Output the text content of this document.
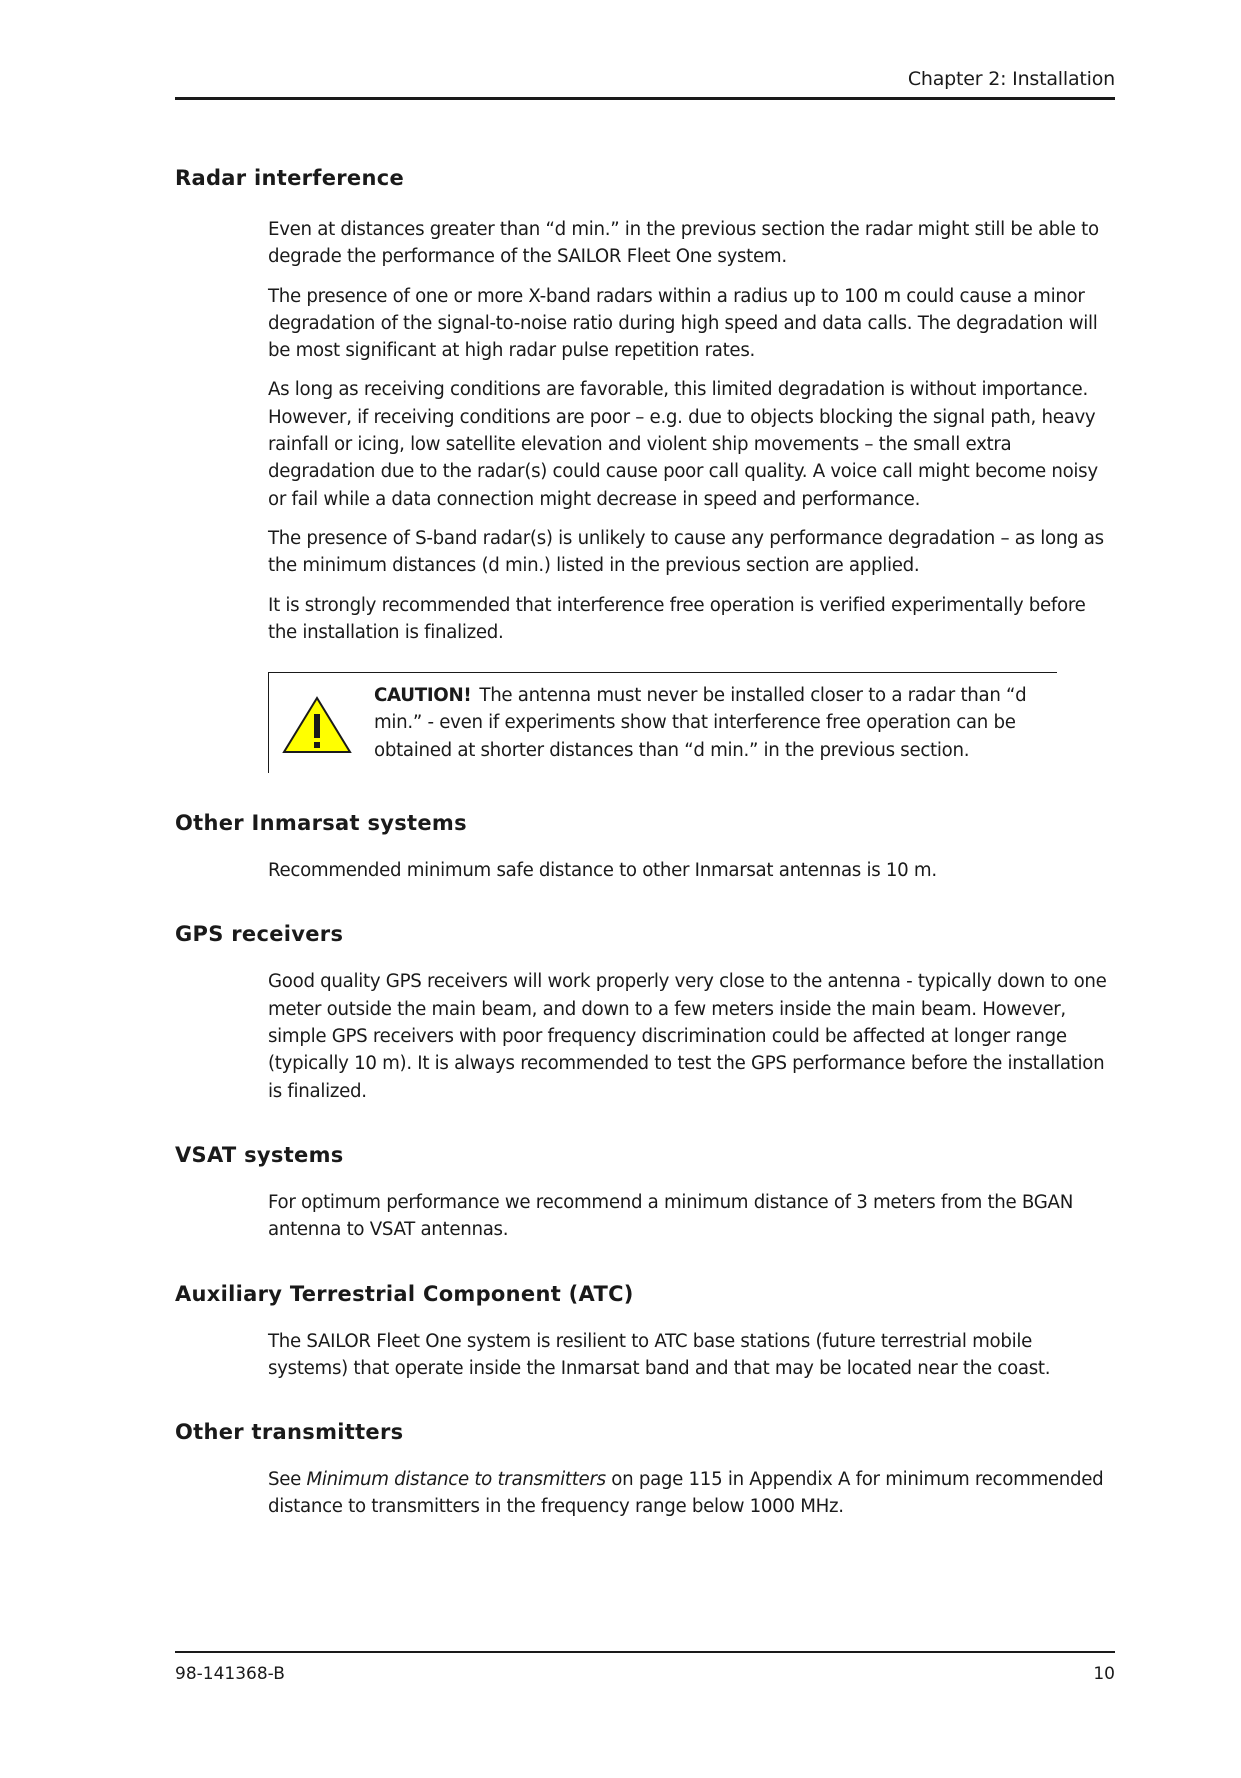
Chapter 2: Installation
Radar interference

Even at distances greater than “d min.” in the previous section the radar might still be able to degrade the performance of the SAILOR Fleet One system.

The presence of one or more X-band radars within a radius up to 100 m could cause a minor degradation of the signal-to-noise ratio during high speed and data calls. The degradation will be most significant at high radar pulse repetition rates.

As long as receiving conditions are favorable, this limited degradation is without importance. However, if receiving conditions are poor – e.g. due to objects blocking the signal path, heavy rainfall or icing, low satellite elevation and violent ship movements – the small extra degradation due to the radar(s) could cause poor call quality. A voice call might become noisy or fail while a data connection might decrease in speed and performance.

The presence of S-band radar(s) is unlikely to cause any performance degradation – as long as the minimum distances (d min.) listed in the previous section are applied.

It is strongly recommended that interference free operation is verified experimentally before the installation is finalized.

CAUTION! The antenna must never be installed closer to a radar than “d min.” - even if experiments show that interference free operation can be obtained at shorter distances than “d min.” in the previous section.
Other Inmarsat systems

Recommended minimum safe distance to other Inmarsat antennas is 10 m.

GPS receivers

Good quality GPS receivers will work properly very close to the antenna - typically down to one meter outside the main beam, and down to a few meters inside the main beam. However, simple GPS receivers with poor frequency discrimination could be affected at longer range (typically 10 m). It is always recommended to test the GPS performance before the installation is finalized.

VSAT systems

For optimum performance we recommend a minimum distance of 3 meters from the BGAN antenna to VSAT antennas.

Auxiliary Terrestrial Component (ATC)

The SAILOR Fleet One system is resilient to ATC base stations (future terrestrial mobile systems) that operate inside the Inmarsat band and that may be located near the coast.

Other transmitters

See Minimum distance to transmitters on page 115 in Appendix A for minimum recommended distance to transmitters in the frequency range below 1000 MHz.

98-141368-B	10
